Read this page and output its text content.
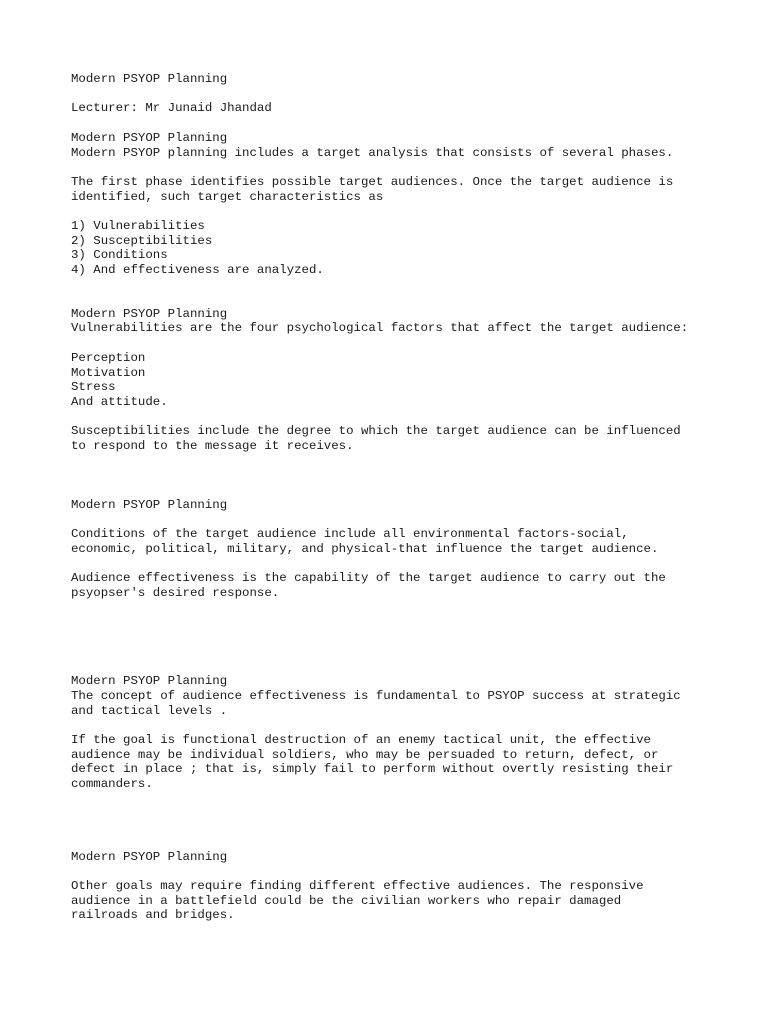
Modern PSYOP Planning

Lecturer: Mr Junaid Jhandad

Modern PSYOP Planning

Modern PSYOP planning includes a target analysis that consists of several phases.

The first phase identifies possible target audiences. Once the target audience is
identified, such target characteristics as

1) Vulnerabilities
2) Susceptibilities
3) Conditions
4) And effectiveness are analyzed.

Modern PSYOP Planning

Vulnerabilities are the four psychological factors that affect the target audience:

Perception
Motivation
Stress
And attitude.

Susceptibilities include the degree to which the target audience can be influenced
to respond to the message it receives.

Modern PSYOP Planning

Conditions of the target audience include all environmental factors-social,
economic, political, military, and physical-that influence the target audience.

Audience effectiveness is the capability of the target audience to carry out the
psyopser's desired response.

Modern PSYOP Planning

The concept of audience effectiveness is fundamental to PSYOP success at strategic
and tactical levels .

If the goal is functional destruction of an enemy tactical unit, the effective
audience may be individual soldiers, who may be persuaded to return, defect, or
defect in place ; that is, simply fail to perform without overtly resisting their
commanders.

Modern PSYOP Planning

Other goals may require finding different effective audiences. The responsive
audience in a battlefield could be the civilian workers who repair damaged
railroads and bridges.
